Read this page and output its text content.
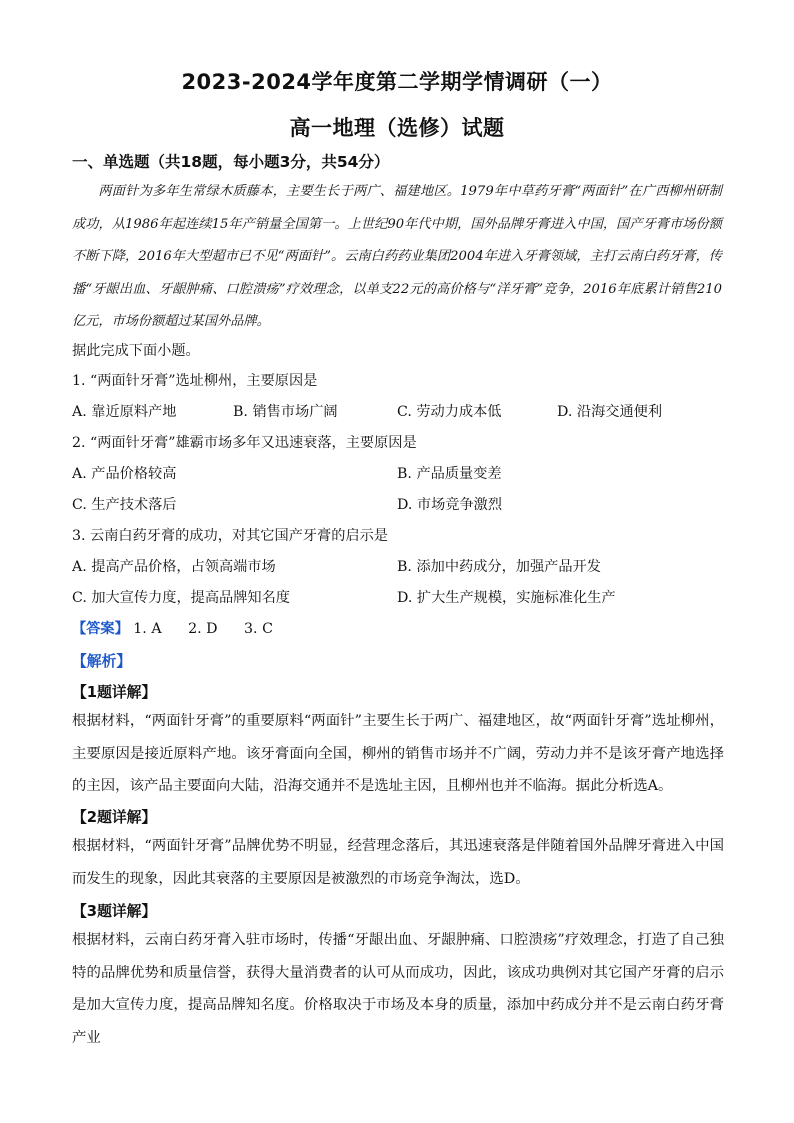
2023-2024学年度第二学期学情调研（一）
高一地理（选修）试题
一、单选题（共18题，每小题3分，共54分）
两面针为多年生常绿木质藤本，主要生长于两广、福建地区。1979年中草药牙膏“两面针”在广西柳州研制成功，从1986年起连续15年产销量全国第一。上世纪90年代中期，国外品牌牙膏进入中国，国产牙膏市场份额不断下降，2016年大型超市已不见“两面针”。云南白药药业集团2004年进入牙膏领域，主打云南白药牙膏，传播“牙龈出血、牙龈肿痛、口腔溃疡”疗效理念，以单支22元的高价格与“洋牙膏”竞争，2016年底累计销售210亿元，市场份额超过某国外品牌。
据此完成下面小题。
1. “两面针牙膏”选址柳州，主要原因是
A. 靠近原料产地	B. 销售市场广阔	C. 劳动力成本低	D. 沿海交通便利
2. “两面针牙膏”雄霸市场多年又迅速衰落，主要原因是
A. 产品价格较高	B. 产品质量变差
C. 生产技术落后	D. 市场竞争激烈
3. 云南白药牙膏的成功，对其它国产牙膏的启示是
A. 提高产品价格，占领高端市场	B. 添加中药成分，加强产品开发
C. 加大宣传力度，提高品牌知名度	D. 扩大生产规模，实施标准化生产
【答案】 1. A 2. D 3. C
【解析】
【1题详解】
根据材料，“两面针牙膏”的重要原料“两面针”主要生长于两广、福建地区，故“两面针牙膏”选址柳州，主要原因是接近原料产地。该牙膏面向全国，柳州的销售市场并不广阔，劳动力并不是该牙膏产地选择的主因，该产品主要面向大陆，沿海交通并不是选址主因，且柳州也并不临海。据此分析选A。
【2题详解】
根据材料，“两面针牙膏”品牌优势不明显，经营理念落后，其迅速衰落是伴随着国外品牌牙膏进入中国而发生的现象，因此其衰落的主要原因是被激烈的市场竞争淘汰，选D。
【3题详解】
根据材料，云南白药牙膏入驻市场时，传播“牙龈出血、牙龈肿痛、口腔溃疡”疗效理念，打造了自己独特的品牌优势和质量信誉，获得大量消费者的认可从而成功，因此，该成功典例对其它国产牙膏的启示是加大宣传力度，提高品牌知名度。价格取决于市场及本身的质量，添加中药成分并不是云南白药牙膏产业
